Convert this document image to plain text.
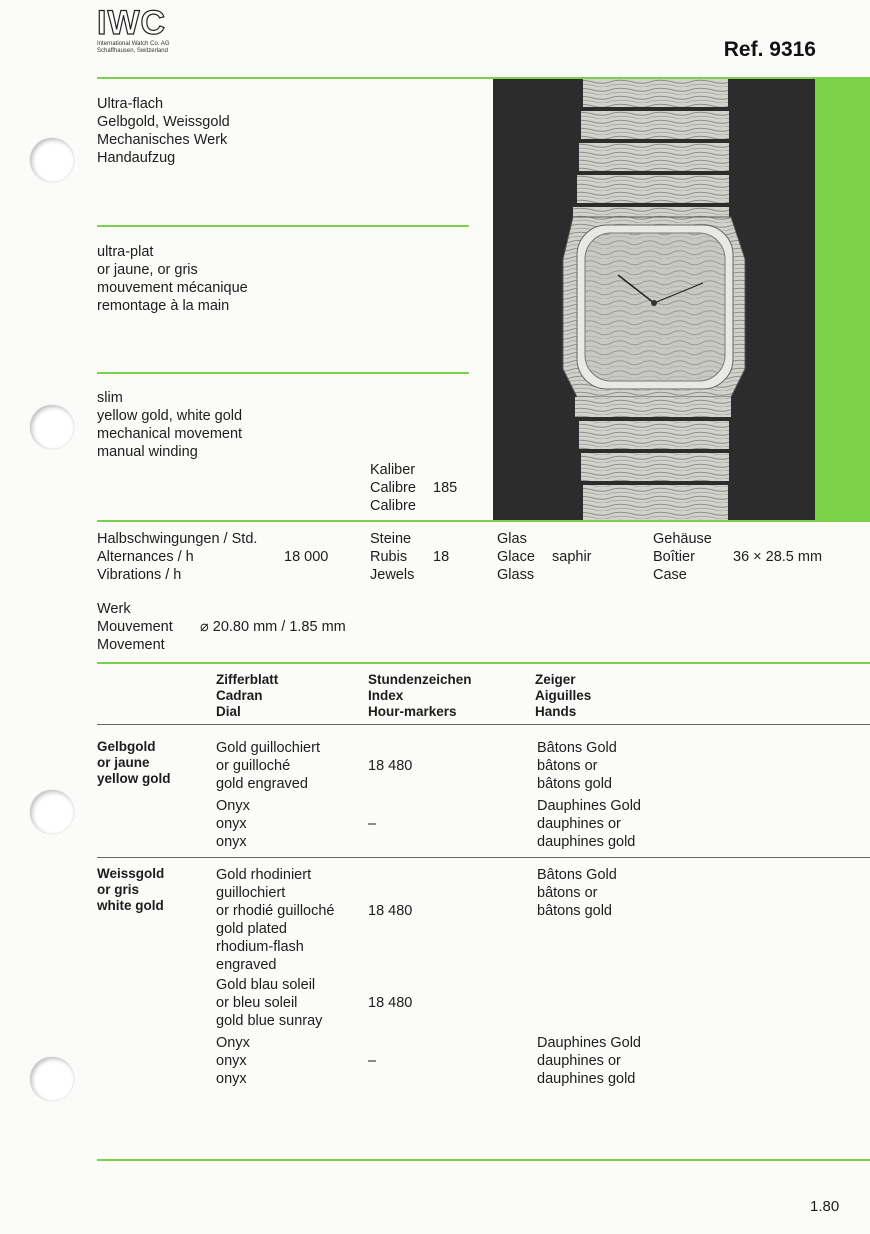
IWC
International Watch Co. AG
Schaffhausen, Switzerland	Ref. 9316
Ultra-flach
Gelbgold, Weissgold
Mechanisches Werk
Handaufzug
ultra-plat
or jaune, or gris
mouvement mécanique
remontage à la main
slim
yellow gold, white gold
mechanical movement
manual winding
Kaliber
Calibre
Calibre
185
Halbschwingungen / Std.
Alternances / h
Vibrations / h
18 000
Steine
Rubis
Jewels
18
Glas
Glace
Glass
saphir
Gehäuse
Boîtier
Case
36 × 28.5 mm
Werk
Mouvement
Movement
⌀ 20.80 mm / 1.85 mm
Zifferblatt
Cadran
Dial
Stundenzeichen
Index
Hour-markers
Zeiger
Aiguilles
Hands
Gelbgold
or jaune
yellow gold
Gold guillochiert
or guilloché
gold engraved
18 480
Bâtons Gold
bâtons or
bâtons gold
Onyx
onyx
onyx
–
Dauphines Gold
dauphines or
dauphines gold
Weissgold
or gris
white gold
Gold rhodiniert
guillochiert
or rhodié guilloché
gold plated
rhodium-flash
engraved
18 480
Bâtons Gold
bâtons or
bâtons gold
Gold blau soleil
or bleu soleil
gold blue sunray
18 480
Onyx
onyx
onyx
–
Dauphines Gold
dauphines or
dauphines gold
1.80
